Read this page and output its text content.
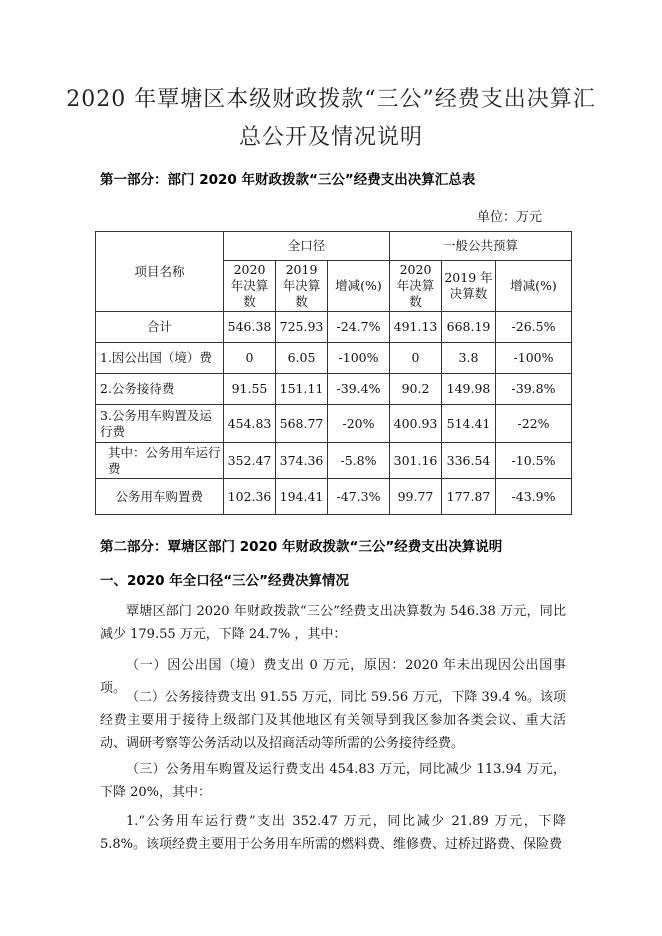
2020 年覃塘区本级财政拨款“三公”经费支出决算汇
总公开及情况说明
第一部分：部门 2020 年财政拨款“三公”经费支出决算汇总表
单位：万元
项目名称	全口径			一般公共预算		
	2020 年决算数	2019 年决算数	增减(%)	2020 年决算数	2019 年决算数	增减(%)
合计	546.38	725.93	-24.7%	491.13	668.19	-26.5%
1.因公出国（境）费	0	6.05	-100%	0	3.8	-100%
2.公务接待费	91.55	151.11	-39.4%	90.2	149.98	-39.8%
3.公务用车购置及运行费	454.83	568.77	-20%	400.93	514.41	-22%
其中：公务用车运行费	352.47	374.36	-5.8%	301.16	336.54	-10.5%
公务用车购置费	102.36	194.41	-47.3%	99.77	177.87	-43.9%
第二部分：覃塘区部门 2020 年财政拨款“三公”经费支出决算说明
一、2020 年全口径“三公”经费决算情况
覃塘区部门 2020 年财政拨款“三公”经费支出决算数为 546.38 万元，同比减少 179.55 万元，下降 24.7% ，其中：
（一）因公出国（境）费支出 0 万元，原因：2020 年未出现因公出国事项。
（二）公务接待费支出 91.55 万元，同比 59.56 万元，下降 39.4 %。该项经费主要用于接待上级部门及其他地区有关领导到我区参加各类会议、重大活动、调研考察等公务活动以及招商活动等所需的公务接待经费。
（三）公务用车购置及运行费支出 454.83 万元，同比减少 113.94 万元，下降 20%，其中：
1.“公务用车运行费”支出 352.47 万元，同比减少 21.89 万元，下降 5.8%。该项经费主要用于公务用车所需的燃料费、维修费、过桥过路费、保险费
